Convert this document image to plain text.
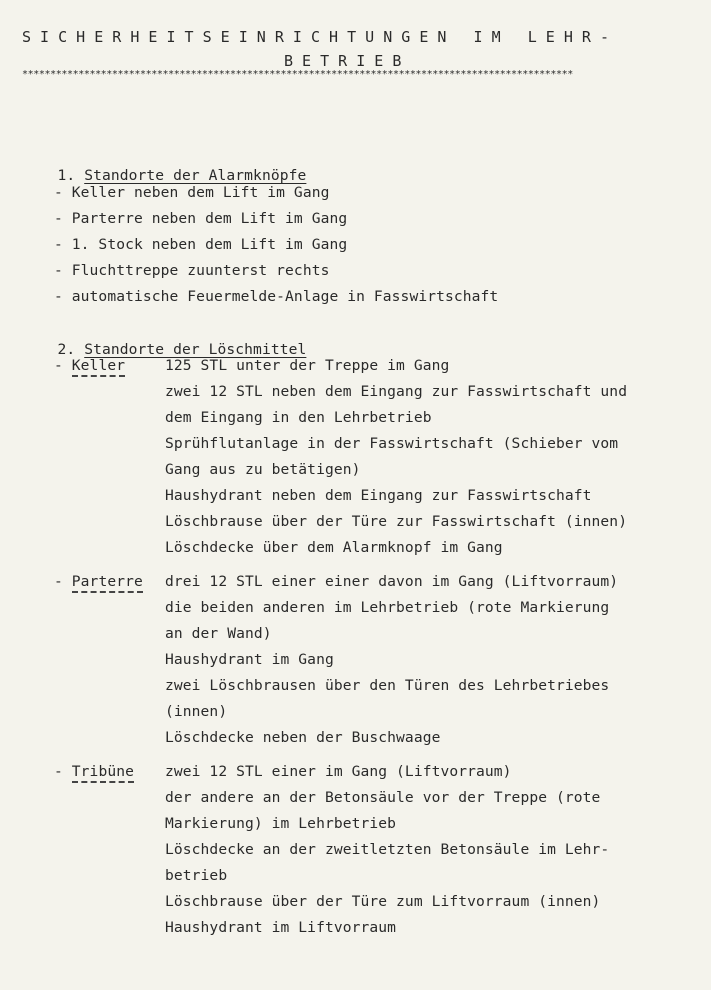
S I C H E R H E I T S E I N R I C H T U N G E N   I M   L E H R -
B E T R I E B
**************************************************************************************************

1. Standorte der Alarmknöpfe

- Keller neben dem Lift im Gang
- Parterre neben dem Lift im Gang
- 1. Stock neben dem Lift im Gang
- Fluchttreppe zuunterst rechts
- automatische Feuermelde-Anlage in Fasswirtschaft

2. Standorte der Löschmittel

- Keller	125 STL unter der Treppe im Gang
zwei 12 STL neben dem Eingang zur Fasswirtschaft und
dem Eingang in den Lehrbetrieb
Sprühflutanlage in der Fasswirtschaft (Schieber vom
Gang aus zu betätigen)
Haushydrant neben dem Eingang zur Fasswirtschaft
Löschbrause über der Türe zur Fasswirtschaft (innen)
Löschdecke über dem Alarmknopf im Gang
- Parterre drei 12 STL einer einer davon im Gang (Liftvorraum)
die beiden anderen im Lehrbetrieb (rote Markierung
an der Wand)
Haushydrant im Gang
zwei Löschbrausen über den Türen des Lehrbetriebes
(innen)
Löschdecke neben der Buschwaage
- Tribüne zwei 12 STL einer im Gang (Liftvorraum)
der andere an der Betonsäule vor der Treppe (rote
Markierung) im Lehrbetrieb
Löschdecke an der zweitletzten Betonsäule im Lehr-
betrieb
Löschbrause über der Türe zum Liftvorraum (innen)
Haushydrant im Liftvorraum
